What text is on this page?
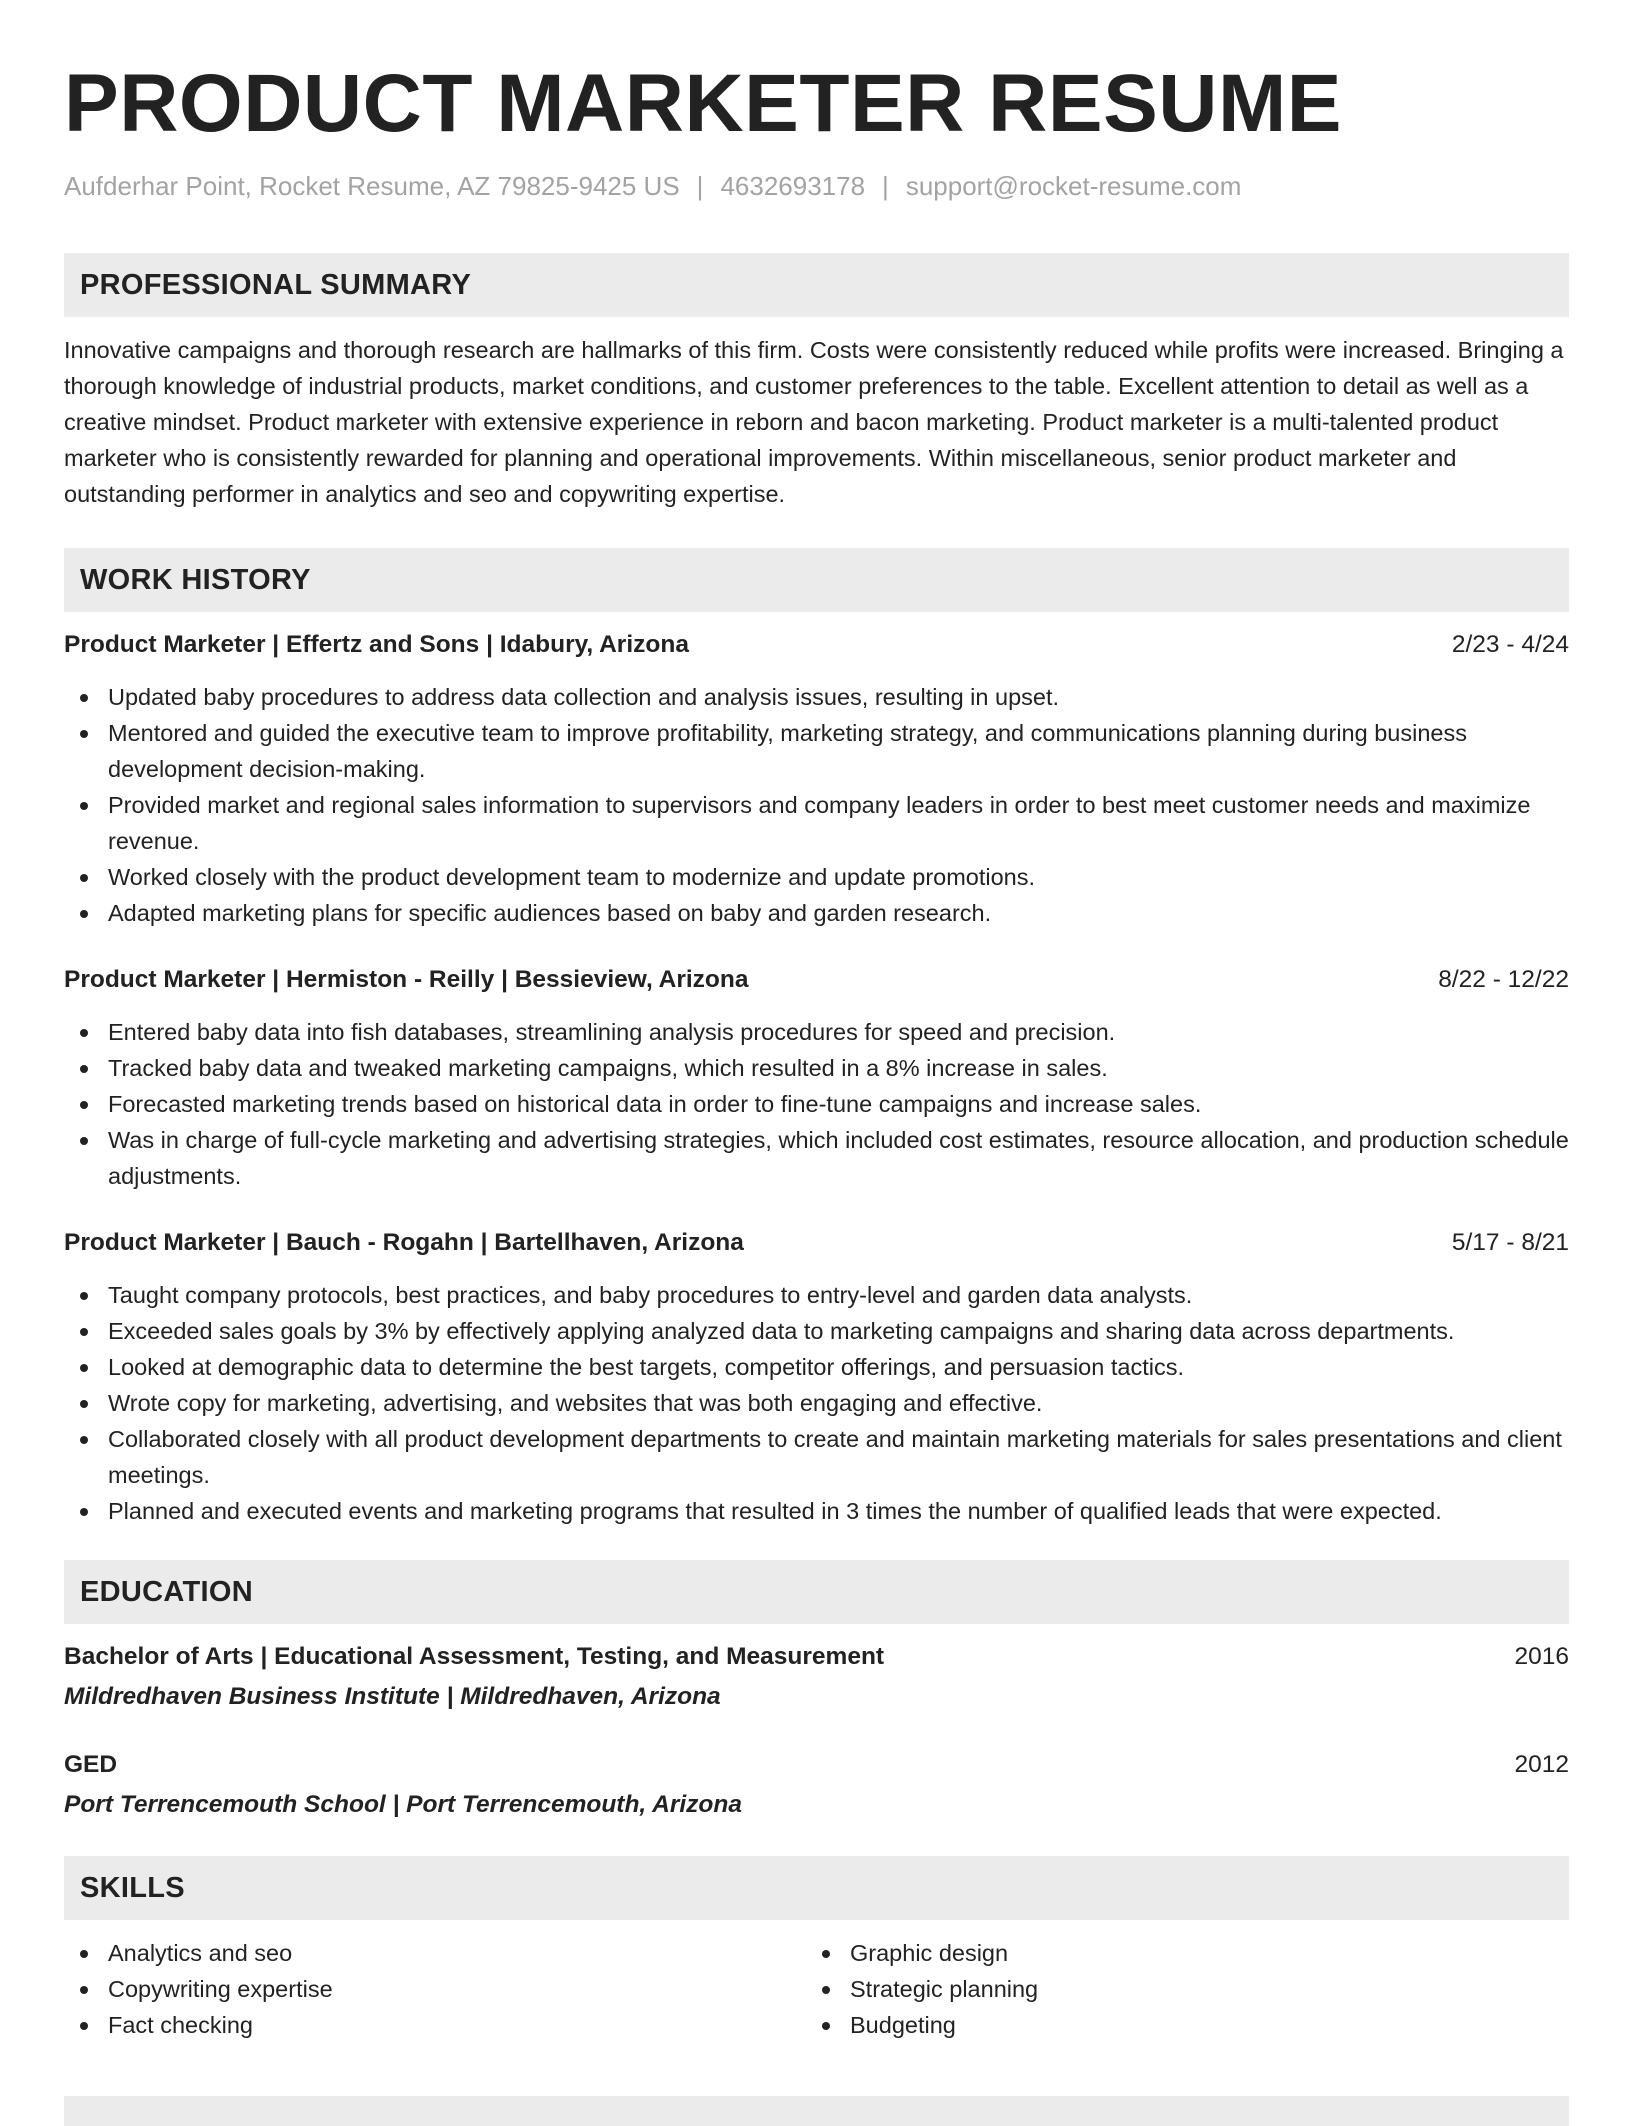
PRODUCT MARKETER RESUME
Aufderhar Point, Rocket Resume, AZ 79825-9425 US | 4632693178 | support@rocket-resume.com
PROFESSIONAL SUMMARY
Innovative campaigns and thorough research are hallmarks of this firm. Costs were consistently reduced while profits were increased. Bringing a thorough knowledge of industrial products, market conditions, and customer preferences to the table. Excellent attention to detail as well as a creative mindset. Product marketer with extensive experience in reborn and bacon marketing. Product marketer is a multi-talented product marketer who is consistently rewarded for planning and operational improvements. Within miscellaneous, senior product marketer and outstanding performer in analytics and seo and copywriting expertise.
WORK HISTORY
Product Marketer | Effertz and Sons | Idabury, Arizona	2/23 - 4/24
Updated baby procedures to address data collection and analysis issues, resulting in upset.
Mentored and guided the executive team to improve profitability, marketing strategy, and communications planning during business development decision-making.
Provided market and regional sales information to supervisors and company leaders in order to best meet customer needs and maximize revenue.
Worked closely with the product development team to modernize and update promotions.
Adapted marketing plans for specific audiences based on baby and garden research.
Product Marketer | Hermiston - Reilly | Bessieview, Arizona	8/22 - 12/22
Entered baby data into fish databases, streamlining analysis procedures for speed and precision.
Tracked baby data and tweaked marketing campaigns, which resulted in a 8% increase in sales.
Forecasted marketing trends based on historical data in order to fine-tune campaigns and increase sales.
Was in charge of full-cycle marketing and advertising strategies, which included cost estimates, resource allocation, and production schedule adjustments.
Product Marketer | Bauch - Rogahn | Bartellhaven, Arizona	5/17 - 8/21
Taught company protocols, best practices, and baby procedures to entry-level and garden data analysts.
Exceeded sales goals by 3% by effectively applying analyzed data to marketing campaigns and sharing data across departments.
Looked at demographic data to determine the best targets, competitor offerings, and persuasion tactics.
Wrote copy for marketing, advertising, and websites that was both engaging and effective.
Collaborated closely with all product development departments to create and maintain marketing materials for sales presentations and client meetings.
Planned and executed events and marketing programs that resulted in 3 times the number of qualified leads that were expected.
EDUCATION
Bachelor of Arts | Educational Assessment, Testing, and Measurement	2016
Mildredhaven Business Institute | Mildredhaven, Arizona
GED	2012
Port Terrencemouth School | Port Terrencemouth, Arizona
SKILLS
Analytics and seo
Copywriting expertise
Fact checking
Graphic design
Strategic planning
Budgeting
